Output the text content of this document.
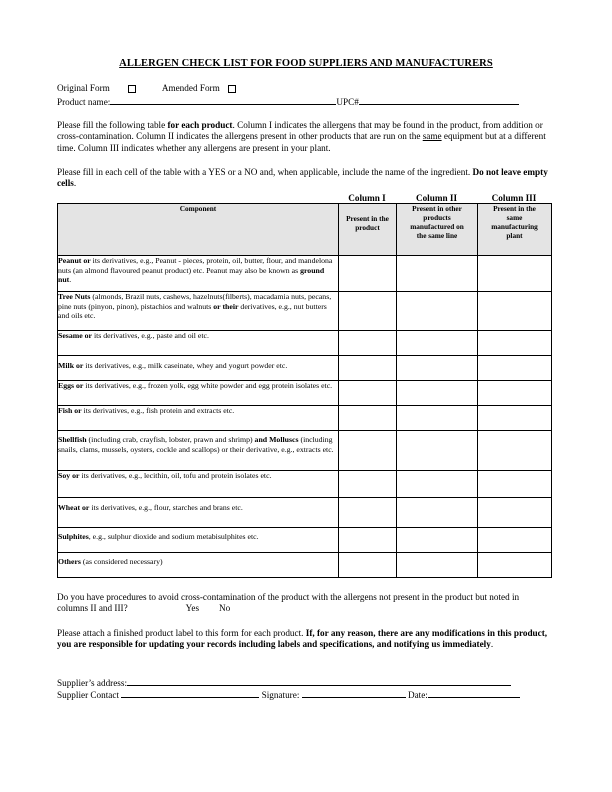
ALLERGEN CHECK LIST FOR FOOD SUPPLIERS AND MANUFACTURERS
Original Form	Amended Form
Product name:	UPC#
Please fill the following table for each product. Column I indicates the allergens that may be found in the product, from addition or cross-contamination. Column II indicates the allergens present in other products that are run on the same equipment but at a different time. Column III indicates whether any allergens are present in your plant.
Please fill in each cell of the table with a YES or a NO and, when applicable, include the name of the ingredient. Do not leave empty cells.
Column I	Column II	Column III
Component	Present in the product	Present in other products manufactured on the same line	Present in the same manufacturing plant
Peanut or its derivatives, e.g., Peanut - pieces, protein, oil, butter, flour, and mandelona nuts (an almond flavoured peanut product) etc. Peanut may also be known as ground nut.			
Tree Nuts (almonds, Brazil nuts, cashews, hazelnuts(filberts), macadamia nuts, pecans, pine nuts (pinyon, pinon), pistachios and walnuts or their derivatives, e.g., nut butters and oils etc.			
Sesame or its derivatives, e.g., paste and oil etc.			
Milk or its derivatives, e.g., milk caseinate, whey and yogurt powder etc.			
Eggs or its derivatives, e.g., frozen yolk, egg white powder and egg protein isolates etc.			
Fish or its derivatives, e.g., fish protein and extracts etc.			
Shellfish (including crab, crayfish, lobster, prawn and shrimp) and Molluscs (including snails, clams, mussels, oysters, cockle and scallops) or their derivative, e.g., extracts etc.			
Soy or its derivatives, e.g., lecithin, oil, tofu and protein isolates etc.			
Wheat or its derivatives, e.g., flour, starches and brans etc.			
Sulphites, e.g., sulphur dioxide and sodium metabisulphites etc.			
Others (as considered necessary)			
Do you have procedures to avoid cross-contamination of the product with the allergens not present in the product but noted in columns II and III?	Yes No
Please attach a finished product label to this form for each product. If, for any reason, there are any modifications in this product, you are responsible for updating your records including labels and specifications, and notifying us immediately.
Supplier’s address:
Supplier Contact	Signature:	Date:
